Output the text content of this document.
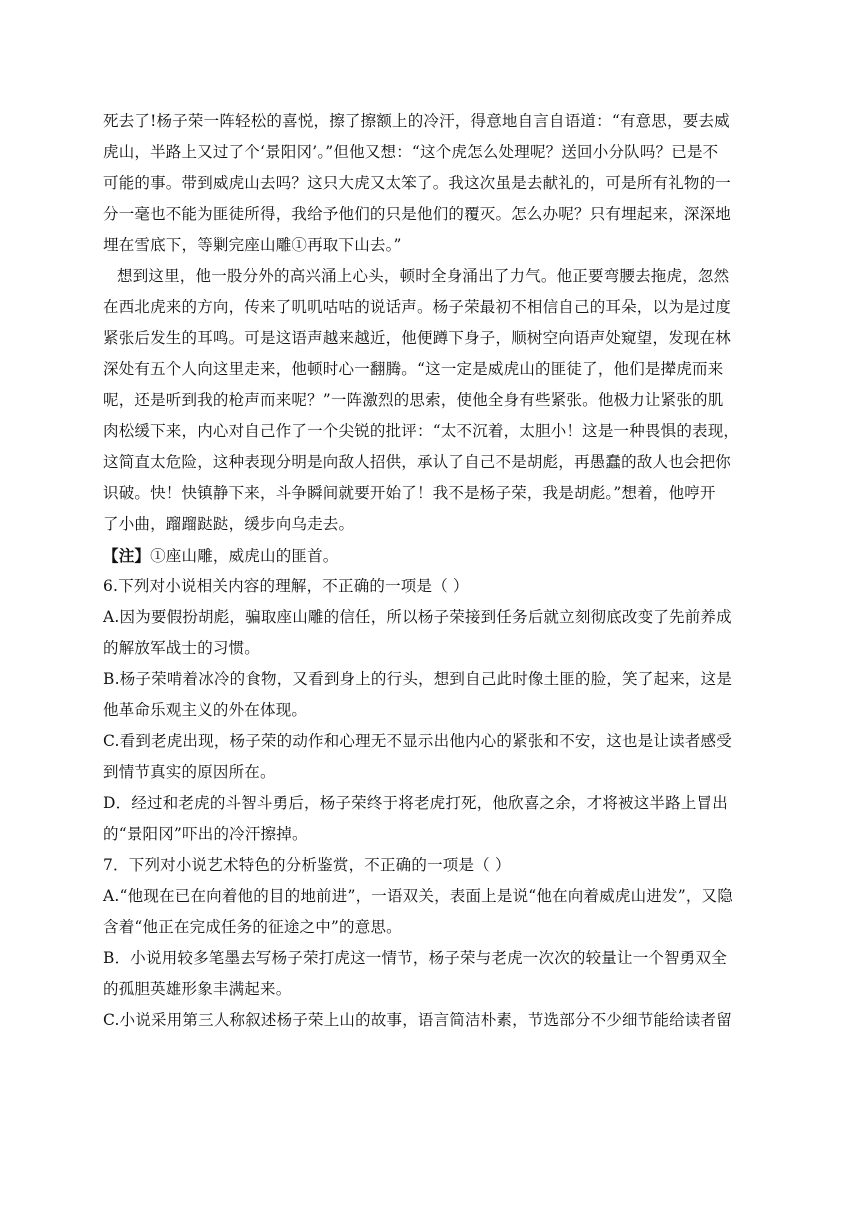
死去了!杨子荣一阵轻松的喜悦，擦了擦额上的冷汗，得意地自言自语道：“有意思，要去威
虎山，半路上又过了个‘景阳冈’。”但他又想：“这个虎怎么处理呢？送回小分队吗？已是不
可能的事。带到威虎山去吗？这只大虎又太笨了。我这次虽是去献礼的，可是所有礼物的一
分一毫也不能为匪徒所得，我给予他们的只是他们的覆灭。怎么办呢？只有埋起来，深深地
埋在雪底下，等剿完座山雕①再取下山去。”
想到这里，他一股分外的高兴涌上心头，顿时全身涌出了力气。他正要弯腰去拖虎，忽然
在西北虎来的方向，传来了叽叽咕咕的说话声。杨子荣最初不相信自己的耳朵，以为是过度
紧张后发生的耳鸣。可是这语声越来越近，他便蹲下身子，顺树空向语声处窥望，发现在林
深处有五个人向这里走来，他顿时心一翻腾。“这一定是威虎山的匪徒了，他们是撵虎而来
呢，还是听到我的枪声而来呢？”一阵激烈的思索，使他全身有些紧张。他极力让紧张的肌
肉松缓下来，内心对自己作了一个尖锐的批评：“太不沉着，太胆小！这是一种畏惧的表现，
这简直太危险，这种表现分明是向敌人招供，承认了自己不是胡彪，再愚蠢的敌人也会把你
识破。快！快镇静下来，斗争瞬间就要开始了！我不是杨子荣，我是胡彪。”想着，他哼开
了小曲，蹓蹓跶跶，缓步向乌走去。
【注】①座山雕，威虎山的匪首。
6.下列对小说相关内容的理解，不正确的一项是（ ）
A.因为要假扮胡彪，骗取座山雕的信任，所以杨子荣接到任务后就立刻彻底改变了先前养成
的解放军战士的习惯。
B.杨子荣啃着冰冷的食物，又看到身上的行头，想到自己此时像土匪的脸，笑了起来，这是
他革命乐观主义的外在体现。
C.看到老虎出现，杨子荣的动作和心理无不显示出他内心的紧张和不安，这也是让读者感受
到情节真实的原因所在。
D．经过和老虎的斗智斗勇后，杨子荣终于将老虎打死，他欣喜之余，才将被这半路上冒出
的“景阳冈”吓出的冷汗擦掉。
7．下列对小说艺术特色的分析鉴赏，不正确的一项是（ ）
A.“他现在已在向着他的目的地前进”，一语双关，表面上是说“他在向着威虎山进发”，又隐
含着“他正在完成任务的征途之中”的意思。
B．小说用较多笔墨去写杨子荣打虎这一情节，杨子荣与老虎一次次的较量让一个智勇双全
的孤胆英雄形象丰满起来。
C.小说采用第三人称叙述杨子荣上山的故事，语言简洁朴素，节选部分不少细节能给读者留
